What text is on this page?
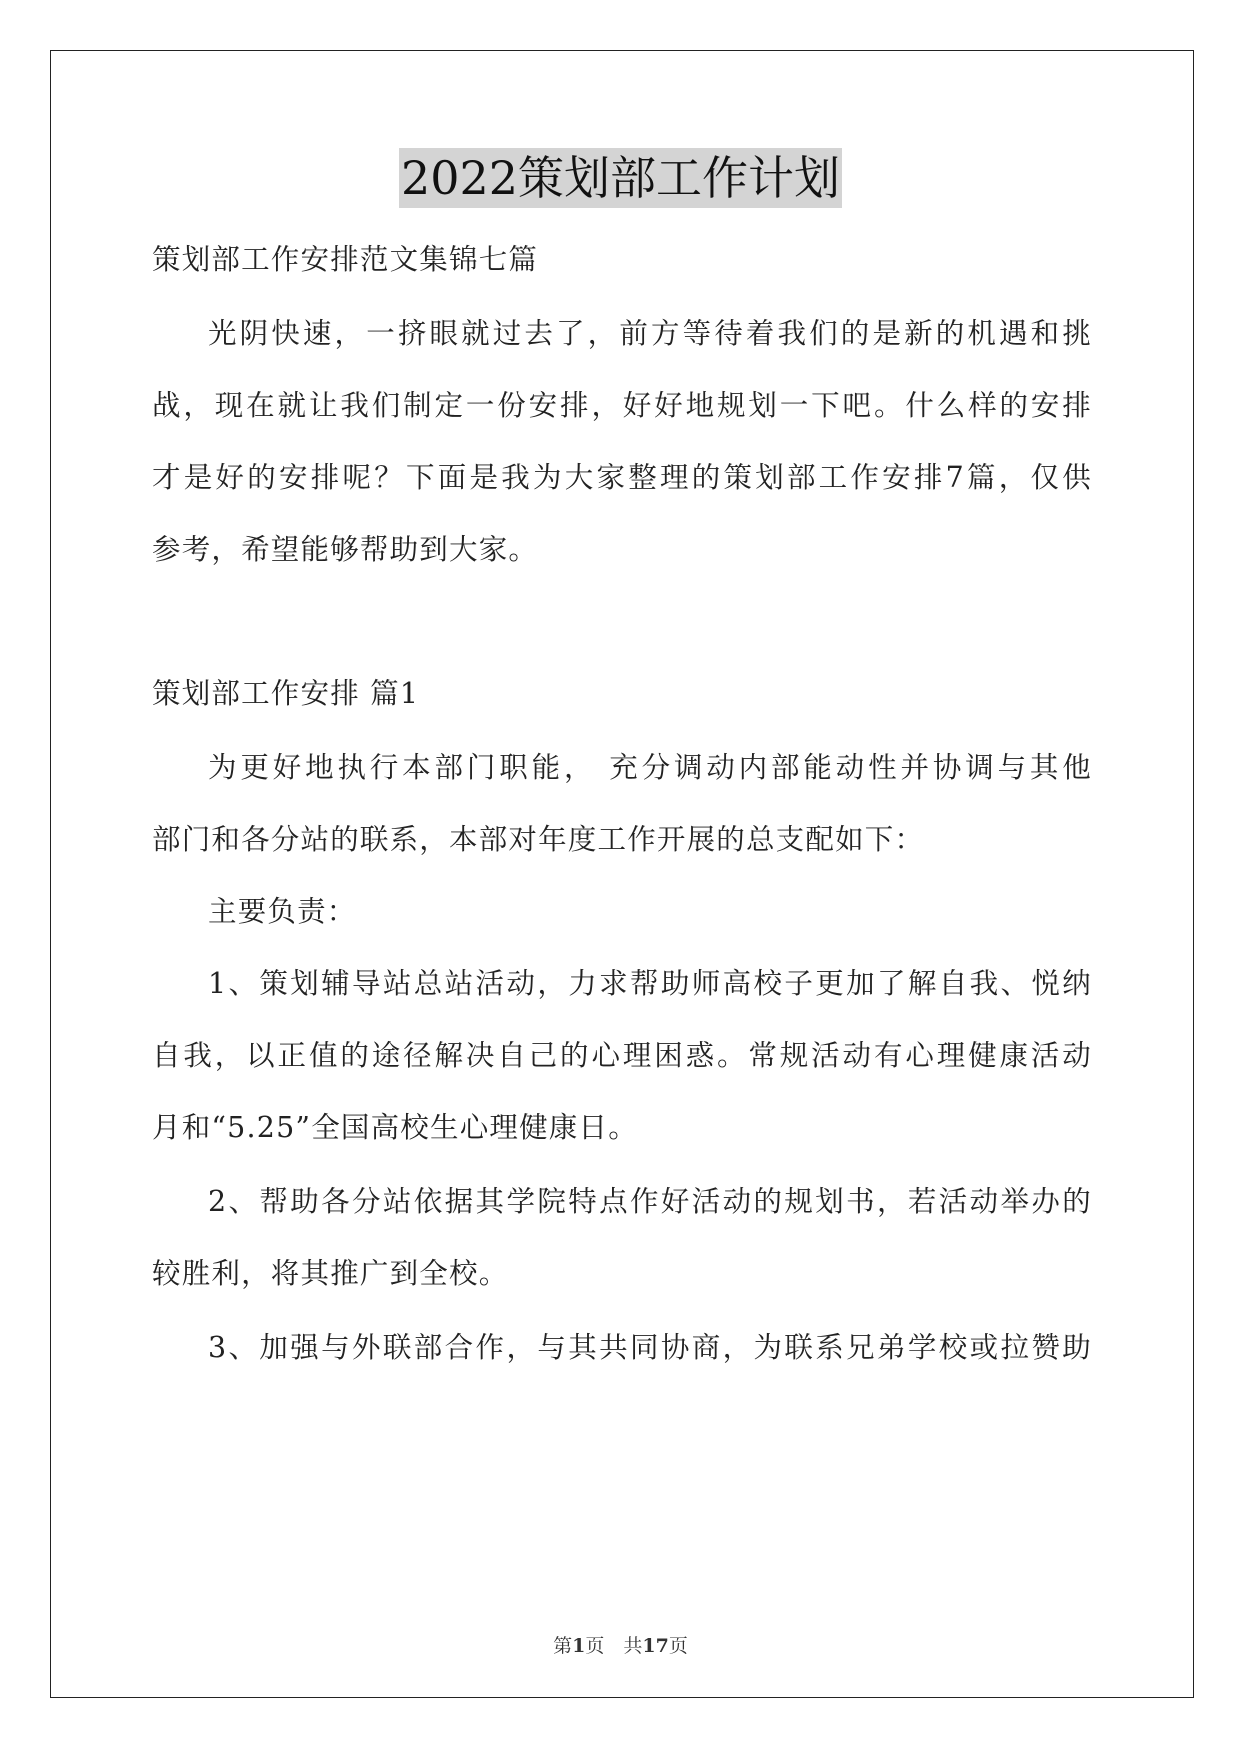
2022策划部工作计划
策划部工作安排范文集锦七篇
光阴快速，一挤眼就过去了，前方等待着我们的是新的机遇和挑
战，现在就让我们制定一份安排，好好地规划一下吧。什么样的安排
才是好的安排呢？下面是我为大家整理的策划部工作安排7篇，仅供
参考，希望能够帮助到大家。
策划部工作安排 篇1
为更好地执行本部门职能， 充分调动内部能动性并协调与其他
部门和各分站的联系，本部对年度工作开展的总支配如下：
主要负责：
1、策划辅导站总站活动，力求帮助师高校子更加了解自我、悦纳
自我，以正值的途径解决自己的心理困惑。常规活动有心理健康活动
月和“5.25”全国高校生心理健康日。
2、帮助各分站依据其学院特点作好活动的规划书，若活动举办的
较胜利，将其推广到全校。
3、加强与外联部合作，与其共同协商，为联系兄弟学校或拉赞助
第1页　共17页
